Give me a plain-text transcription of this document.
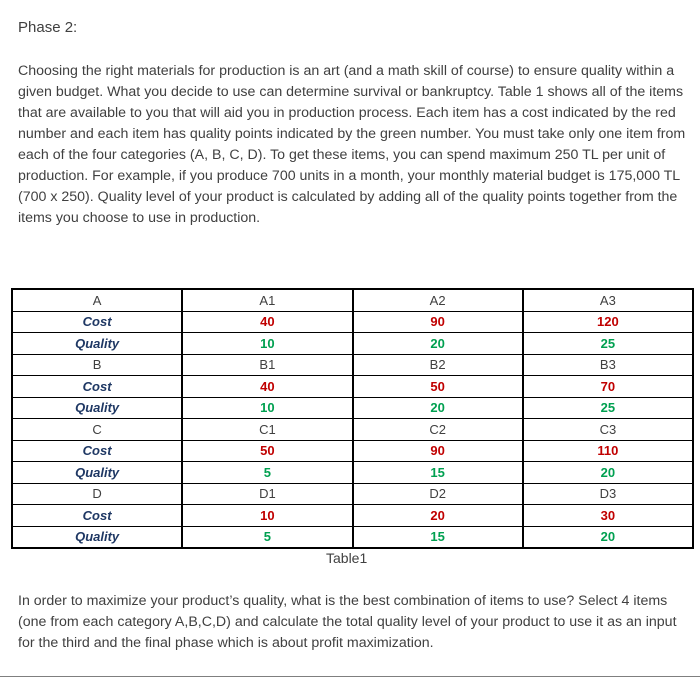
Phase 2:

Choosing the right materials for production is an art (and a math skill of course) to ensure quality within a given budget. What you decide to use can determine survival or bankruptcy. Table 1 shows all of the items that are available to you that will aid you in production process. Each item has a cost indicated by the red number and each item has quality points indicated by the green number. You must take only one item from each of the four categories (A, B, C, D). To get these items, you can spend maximum 250 TL per unit of production. For example, if you produce 700 units in a month, your monthly material budget is 175,000 TL (700 x 250). Quality level of your product is calculated by adding all of the quality points together from the items you choose to use in production.

A	A1	A2	A3
Cost	40	90	120
Quality	10	20	25
B	B1	B2	B3
Cost	40	50	70
Quality	10	20	25
C	C1	C2	C3
Cost	50	90	110
Quality	5	15	20
D	D1	D2	D3
Cost	10	20	30
Quality	5	15	20
Table1

In order to maximize your product’s quality, what is the best combination of items to use? Select 4 items (one from each category A,B,C,D) and calculate the total quality level of your product to use it as an input for the third and the final phase which is about profit maximization.
